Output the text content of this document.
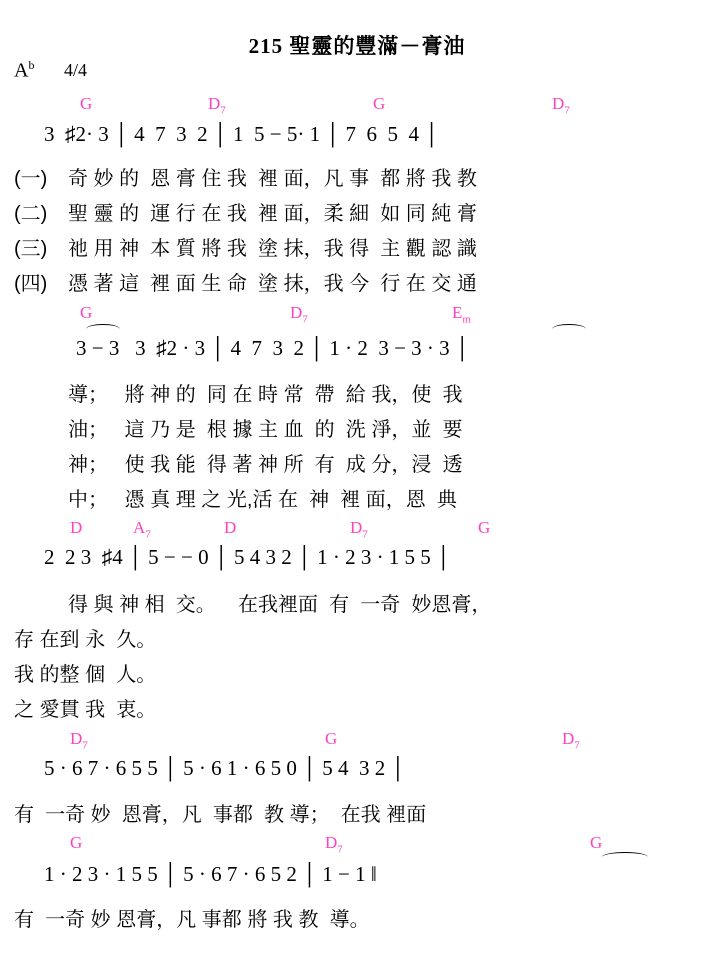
215 聖靈的豐滿－膏油
$A^b$ 4/4
G	$D_7$	G	$D_7$
3  ♯2· 3 │ 4  7  3  2 │ 1  5 − 5· 1 │ 7  6  5  4 │
(一) 奇 妙 的  恩 膏 住 我  裡 面，凡 事  都 將 我 教
(二) 聖 靈 的  運 行 在 我  裡 面，柔 細  如 同 純 膏
(三) 祂 用 神  本 質 將 我  塗 抹，我 得  主 觀 認 識
(四) 憑 著 這  裡 面 生 命  塗 抹，我 今  行 在 交 通
G	$D_7$	$E_m$
3 − 3   3  ♯2 · 3 │ 4  7  3  2 │ 1 · 2  3 − 3 · 3 │
導；   將 神 的  同 在 時 常  帶  給 我，使  我
油；   這 乃 是  根 據 主 血  的  洗 淨，並  要
神；   使 我 能  得 著 神 所  有  成 分，浸  透
中；   憑 真 理 之 光,活 在  神  裡 面，恩  典
D	$A_7$	D	$D_7$	G
2  2 3  ♯4 │ 5 − − 0 │ 5 4 3 2 │ 1 · 2 3 · 1 5 5 │
得 與 神 相  交。    在我裡面  有  一奇  妙恩膏，
存 在到 永  久。
我 的整 個  人。
之 愛貫 我  衷。
$D_7$	G	$D_7$
5 · 6 7 · 6 5 5 │ 5 · 6 1 · 6 5 0 │ 5 4  3 2 │
有  一奇 妙  恩膏，凡  事都  教 導；  在我 裡面
G	$D_7$	G
1 · 2 3 · 1 5 5 │ 5 · 6 7 · 6 5 2 │ 1 − 1 ‖
有  一奇 妙 恩膏，凡 事都 將 我 教  導。
